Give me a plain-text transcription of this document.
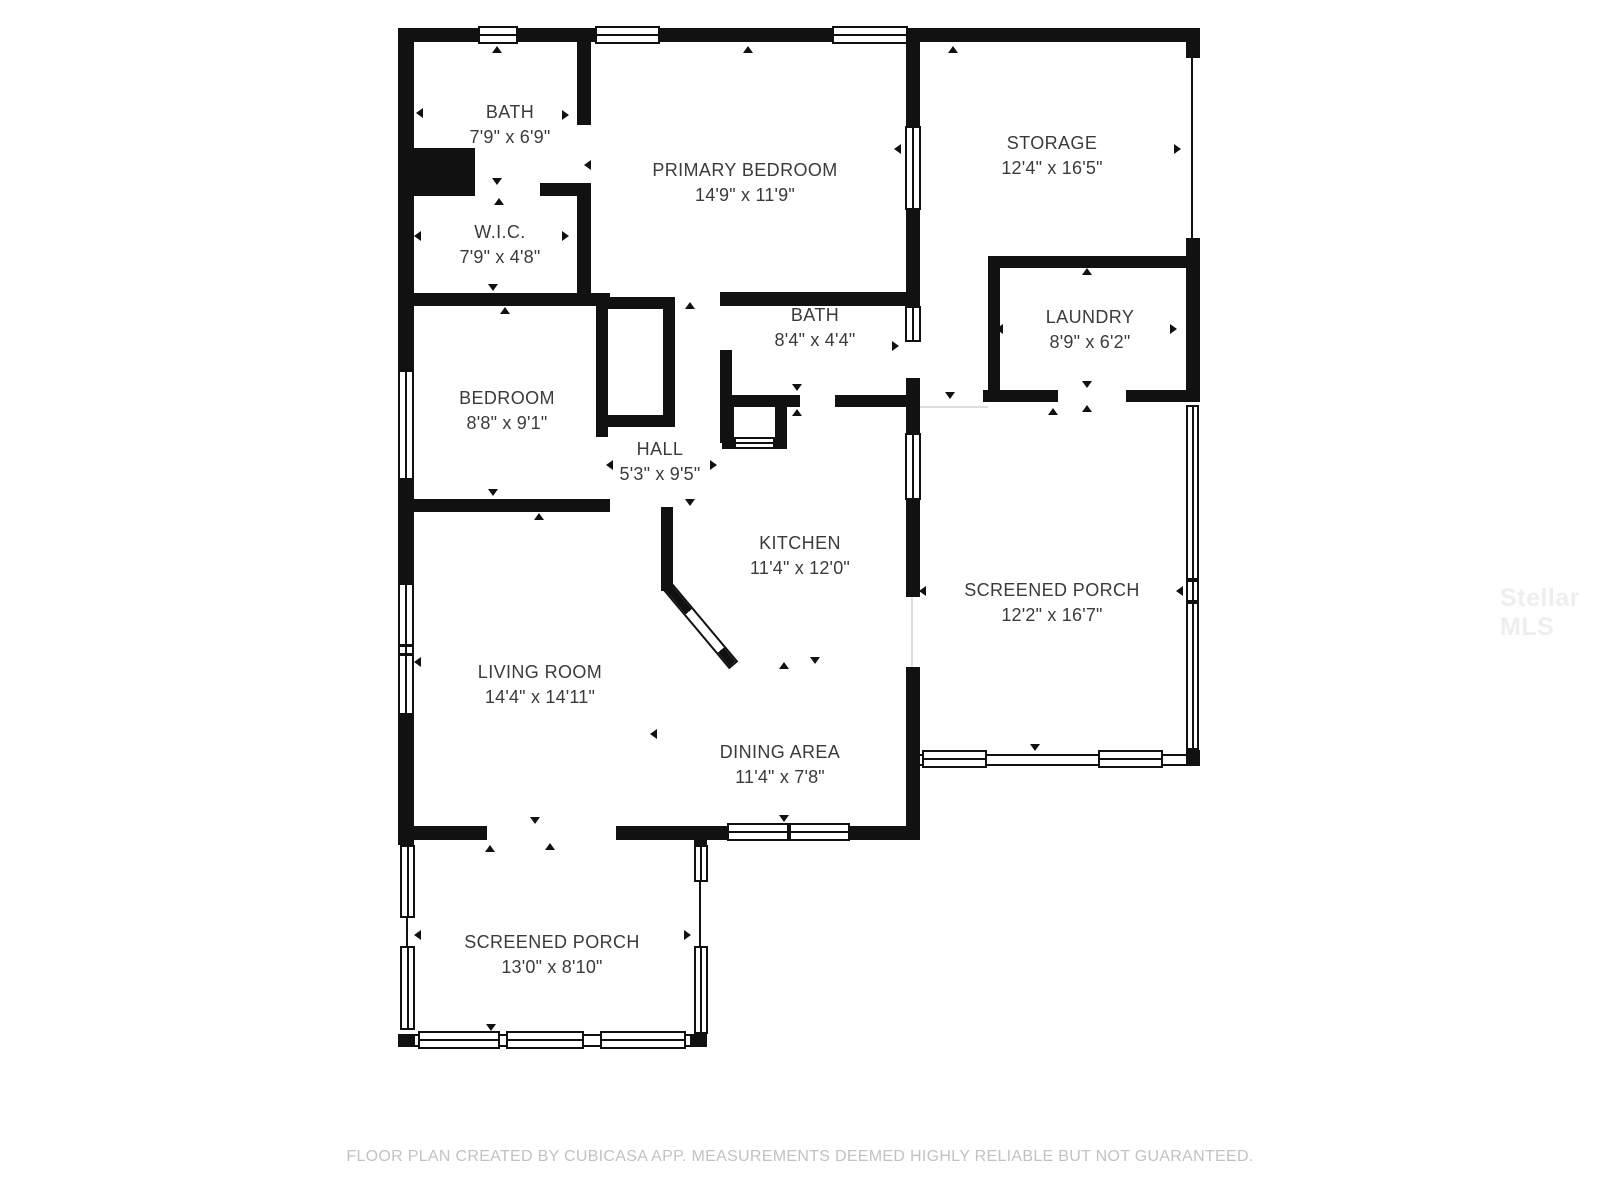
BATH
7'9" x 6'9"
PRIMARY BEDROOM
14'9" x 11'9"
STORAGE
12'4" x 16'5"
W.I.C.
7'9" x 4'8"
BATH
8'4" x 4'4"
LAUNDRY
8'9" x 6'2"
BEDROOM
8'8" x 9'1"
HALL
5'3" x 9'5"
KITCHEN
11'4" x 12'0"
SCREENED PORCH
12'2" x 16'7"
LIVING ROOM
14'4" x 14'11"
DINING AREA
11'4" x 7'8"
SCREENED PORCH
13'0" x 8'10"
Stellar MLS
FLOOR PLAN CREATED BY CUBICASA APP. MEASUREMENTS DEEMED HIGHLY RELIABLE BUT NOT GUARANTEED.
